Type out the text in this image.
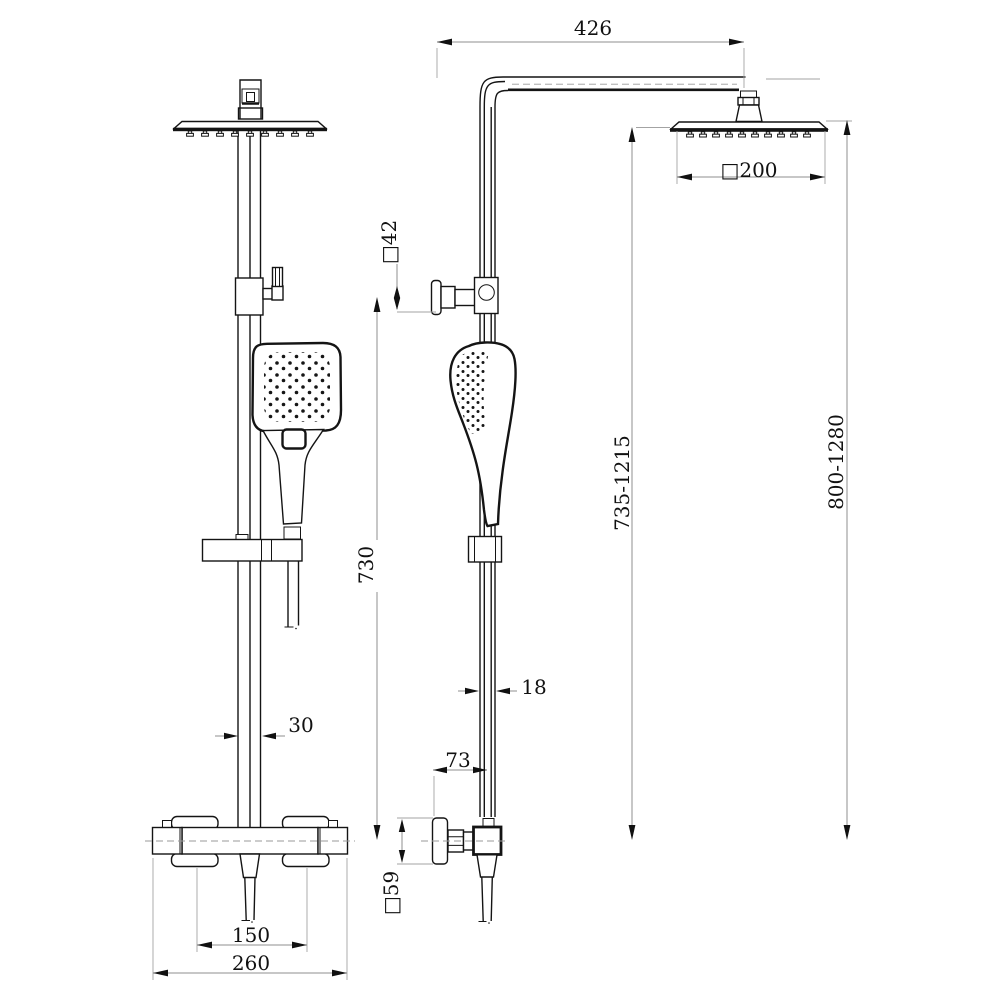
426
□200
□42
730
735-1215	800-1280
30
18
73
□59
150
260
